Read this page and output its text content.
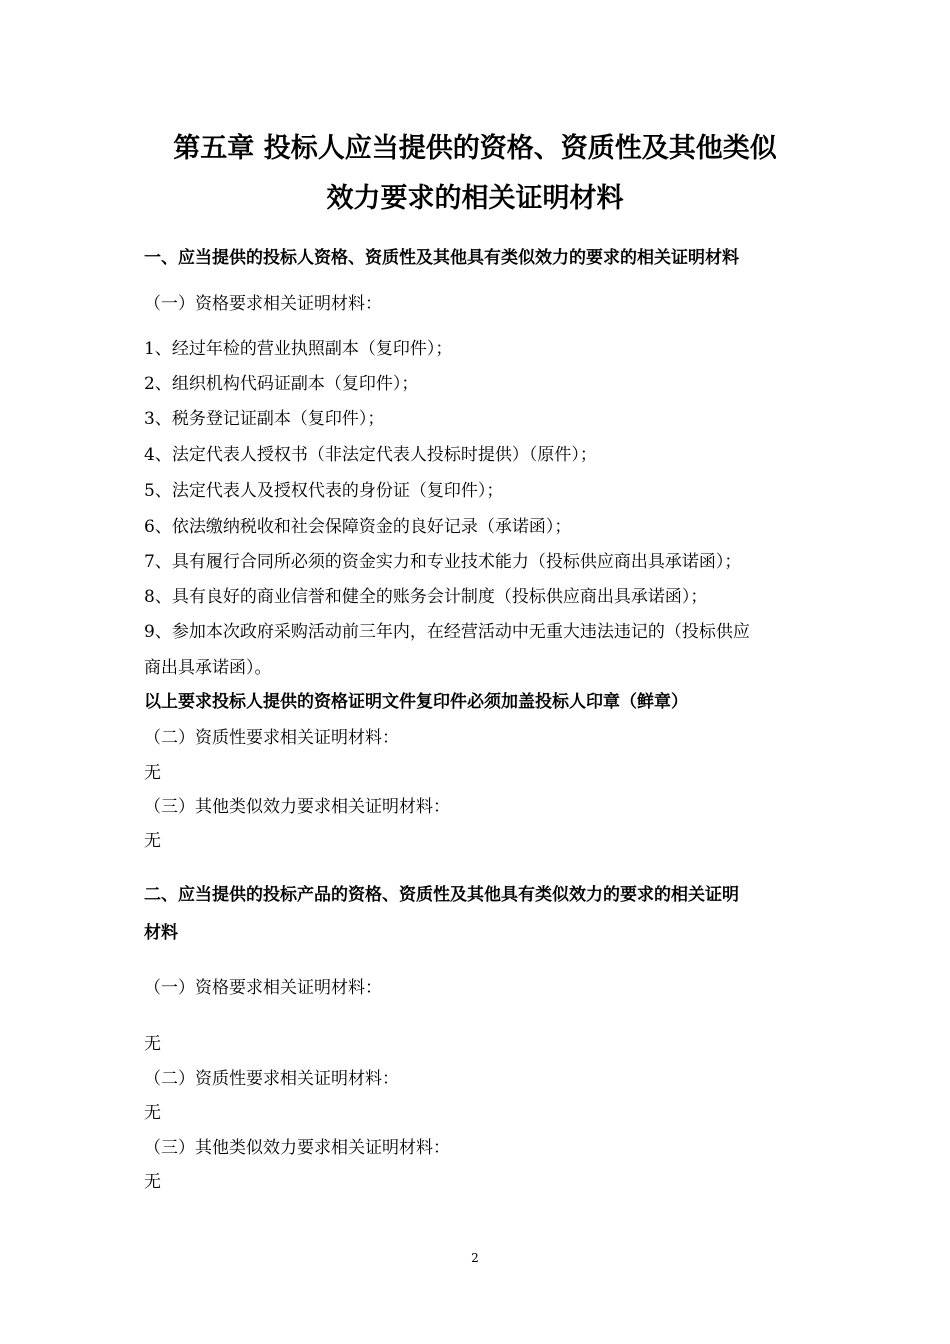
第五章 投标人应当提供的资格、资质性及其他类似
效力要求的相关证明材料
一、应当提供的投标人资格、资质性及其他具有类似效力的要求的相关证明材料
（一）资格要求相关证明材料：
1、经过年检的营业执照副本（复印件）；
2、组织机构代码证副本（复印件）；
3、税务登记证副本（复印件）；
4、法定代表人授权书（非法定代表人投标时提供）（原件）；
5、法定代表人及授权代表的身份证（复印件）；
6、依法缴纳税收和社会保障资金的良好记录（承诺函）；
7、具有履行合同所必须的资金实力和专业技术能力（投标供应商出具承诺函）；
8、具有良好的商业信誉和健全的账务会计制度（投标供应商出具承诺函）；
9、参加本次政府采购活动前三年内，在经营活动中无重大违法违记的（投标供应
商出具承诺函）。
以上要求投标人提供的资格证明文件复印件必须加盖投标人印章（鲜章）
（二）资质性要求相关证明材料：
无
（三）其他类似效力要求相关证明材料：
无
二、应当提供的投标产品的资格、资质性及其他具有类似效力的要求的相关证明
材料
（一）资格要求相关证明材料：
无
（二）资质性要求相关证明材料：
无
（三）其他类似效力要求相关证明材料：
无
2
